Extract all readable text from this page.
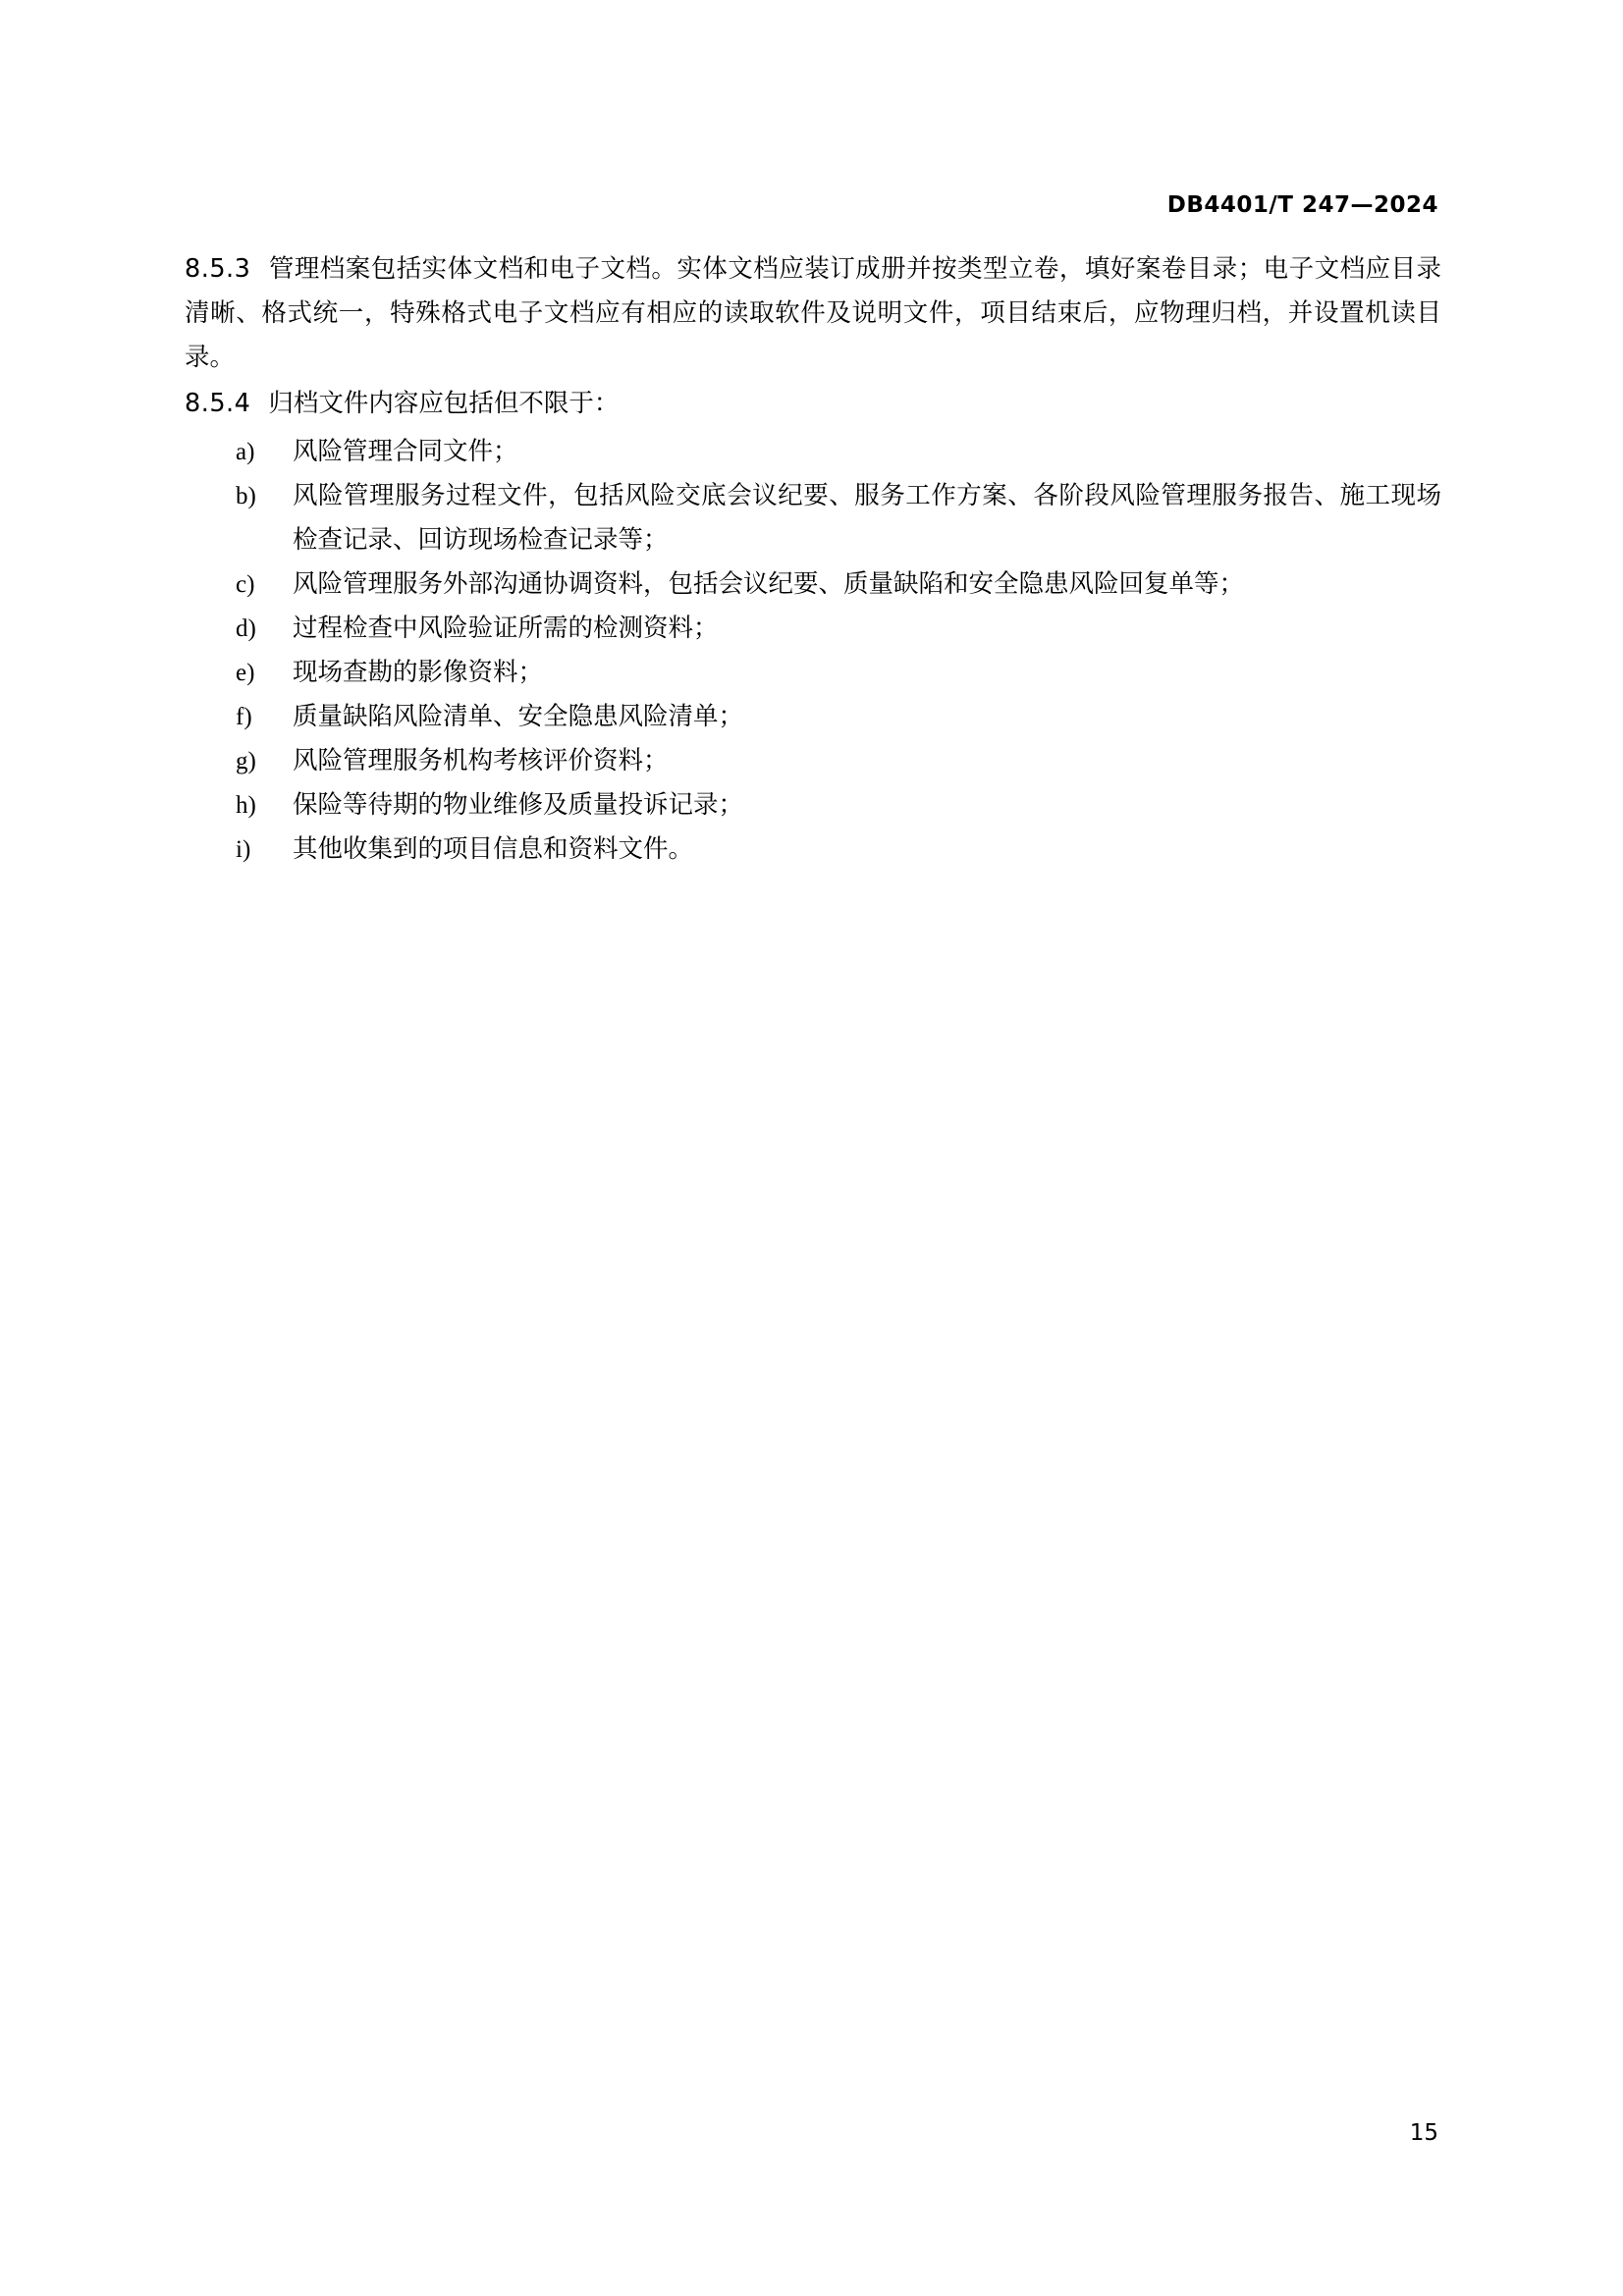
DB4401/T 247—2024

8.5.3 管理档案包括实体文档和电子文档。实体文档应装订成册并按类型立卷，填好案卷目录；电子文档应目录清晰、格式统一，特殊格式电子文档应有相应的读取软件及说明文件，项目结束后，应物理归档，并设置机读目录。

8.5.4 归档文件内容应包括但不限于：

a) 风险管理合同文件；
b) 风险管理服务过程文件，包括风险交底会议纪要、服务工作方案、各阶段风险管理服务报告、施工现场检查记录、回访现场检查记录等；
c) 风险管理服务外部沟通协调资料，包括会议纪要、质量缺陷和安全隐患风险回复单等；
d) 过程检查中风险验证所需的检测资料；
e) 现场查勘的影像资料；
f) 质量缺陷风险清单、安全隐患风险清单；
g) 风险管理服务机构考核评价资料；
h) 保险等待期的物业维修及质量投诉记录；
i) 其他收集到的项目信息和资料文件。
15
